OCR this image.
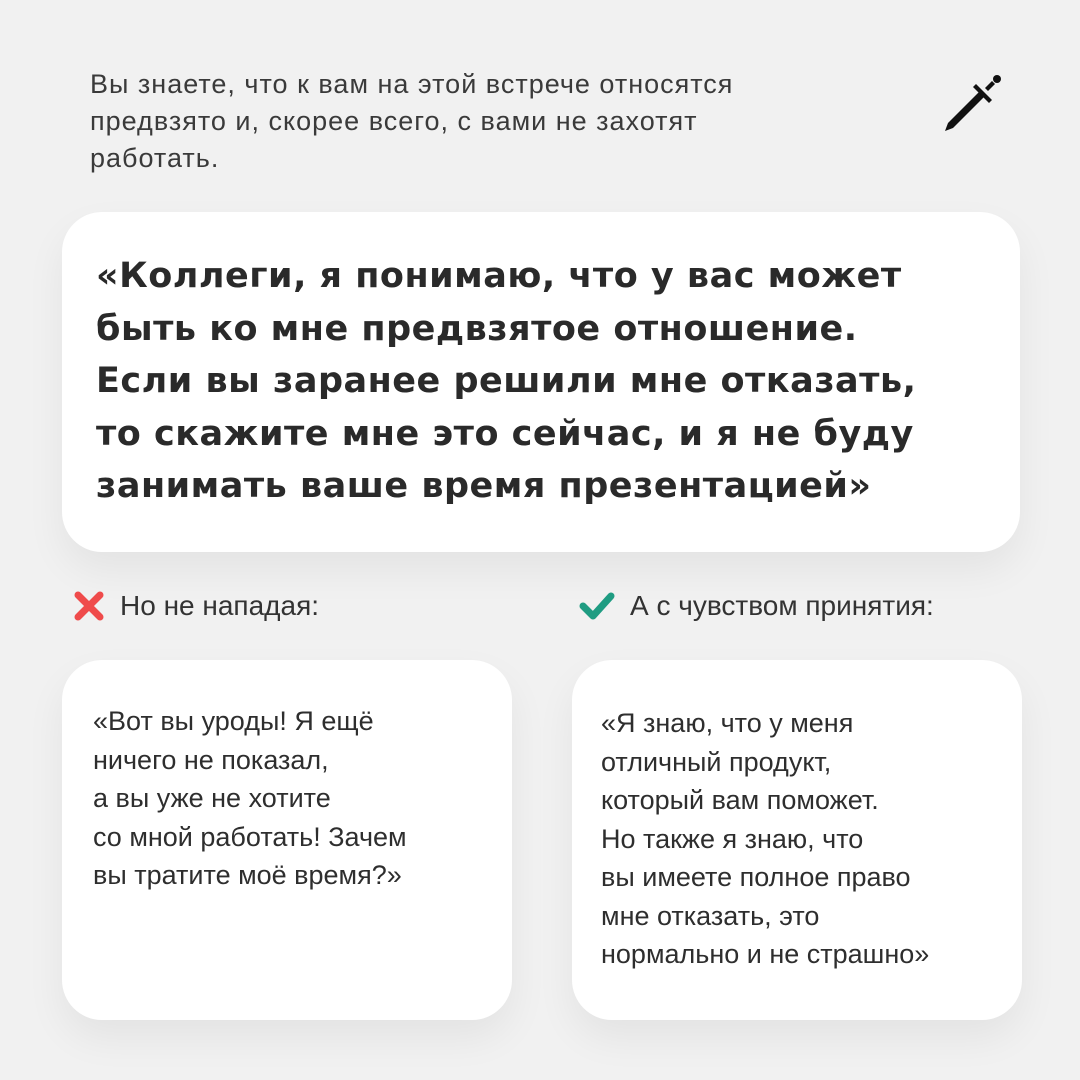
Вы знаете, что к вам на этой встрече относятся
предвзято и, скорее всего, с вами не захотят
работать.

«Коллеги, я понимаю, что у вас может
быть ко мне предвзятое отношение.
Если вы заранее решили мне отказать,
то скажите мне это сейчас, и я не буду
занимать ваше время презентацией»

Но не нападая:	А с чувством принятия:

«Вот вы уроды! Я ещё
ничего не показал,
а вы уже не хотите
со мной работать! Зачем
вы тратите моё время?»

«Я знаю, что у меня
отличный продукт,
который вам поможет.
Но также я знаю, что
вы имеете полное право
мне отказать, это
нормально и не страшно»
